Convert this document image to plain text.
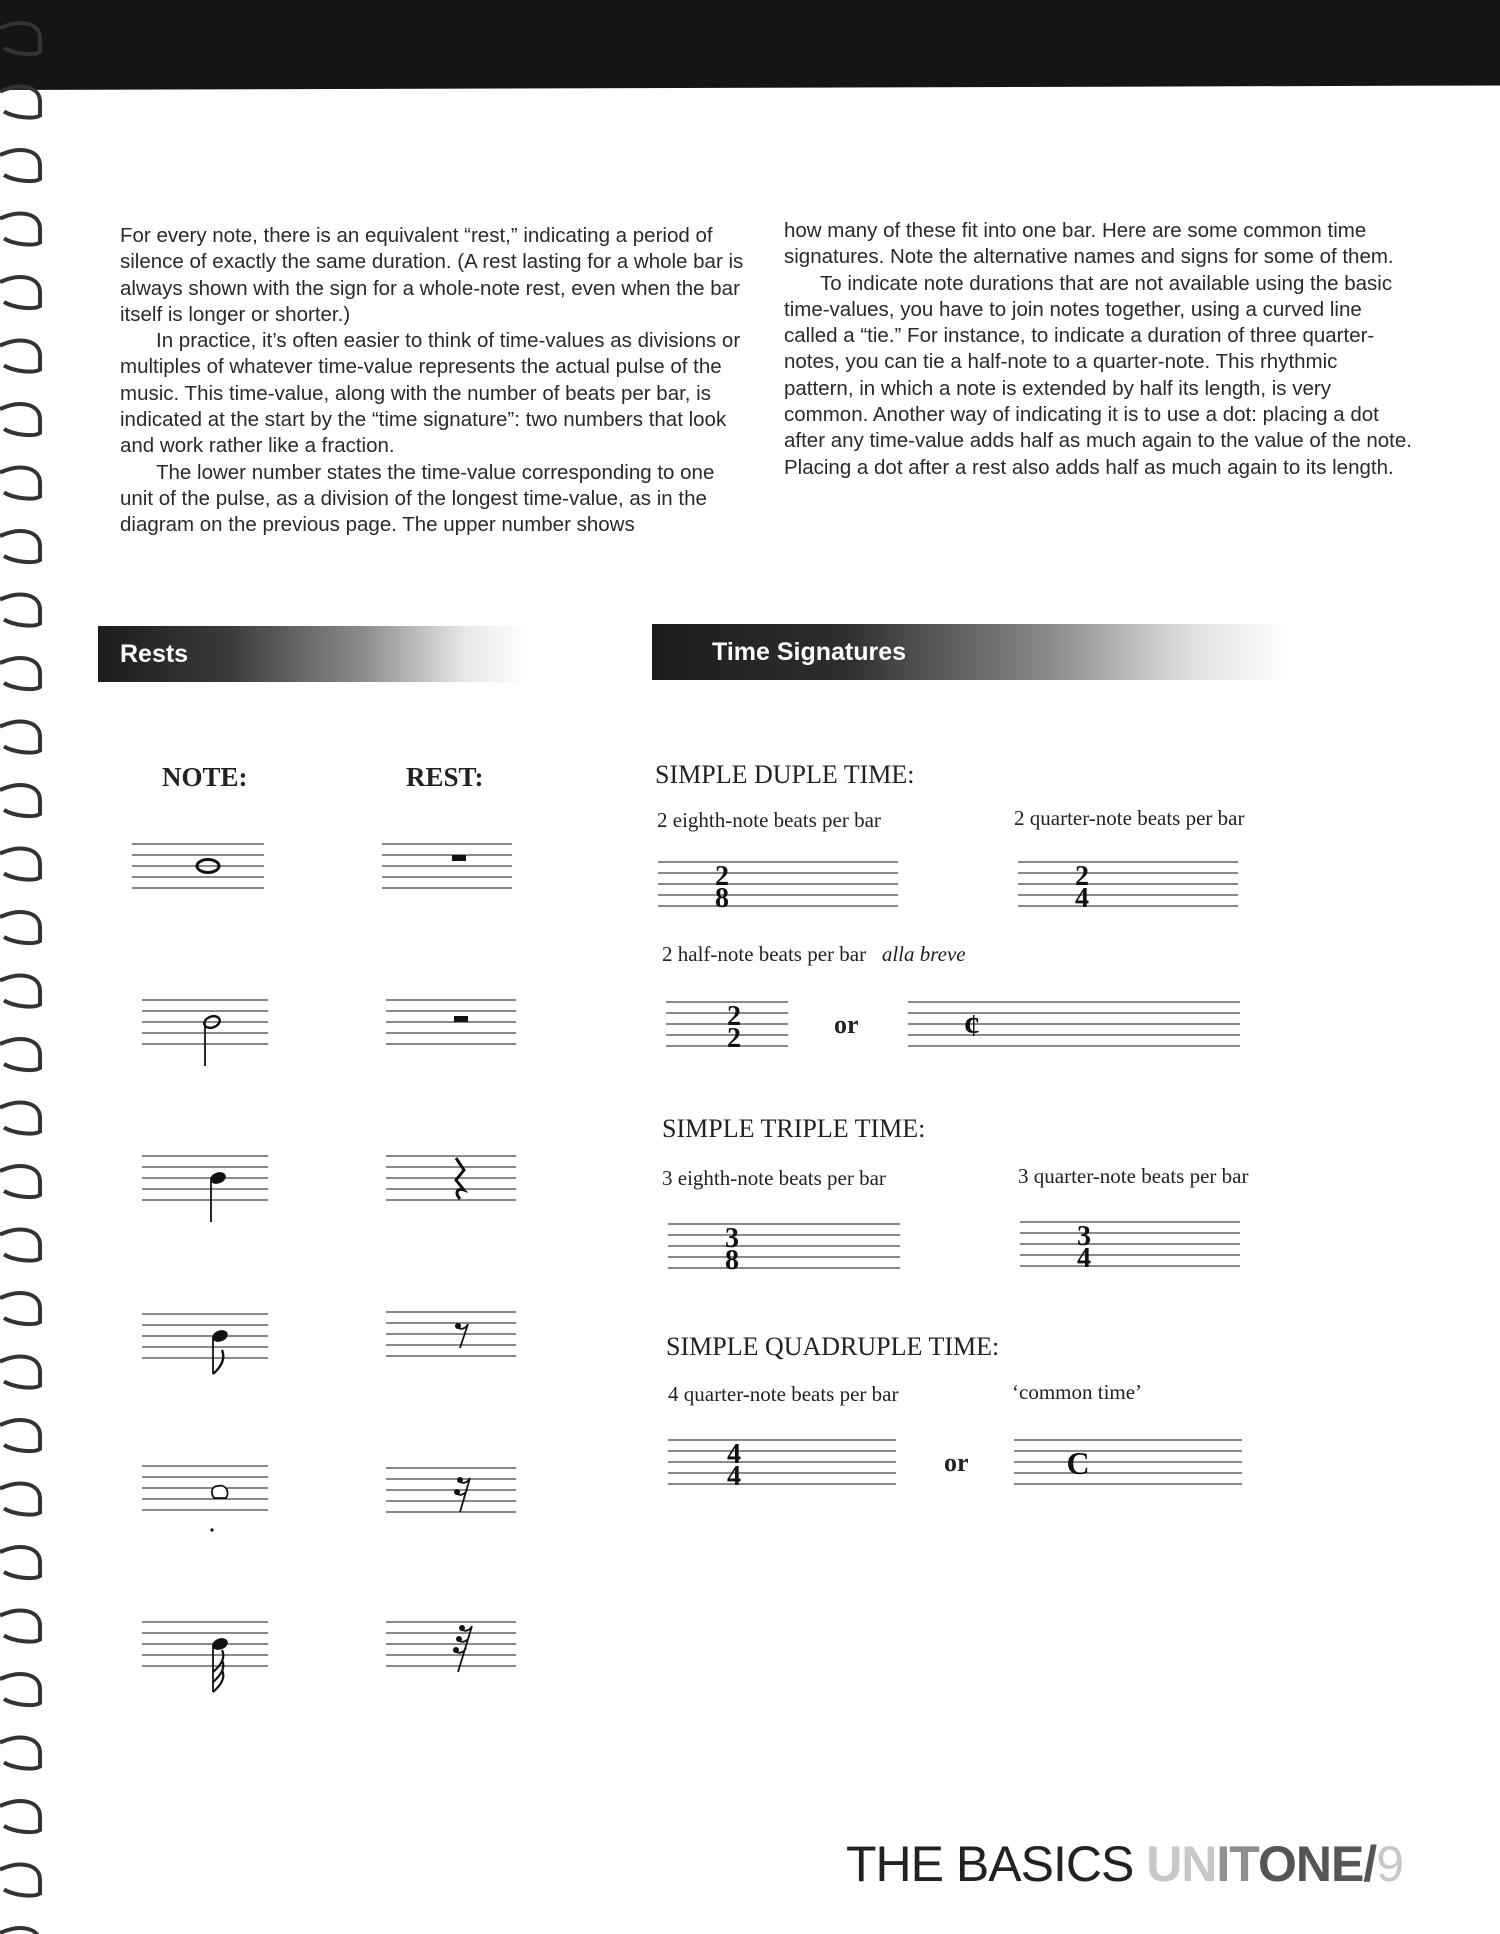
For every note, there is an equivalent “rest,” indicating a period of silence of exactly the same duration. (A rest lasting for a whole bar is always shown with the sign for a whole-note rest, even when the bar itself is longer or shorter.)

In practice, it’s often easier to think of time-values as divisions or multiples of whatever time-value represents the actual pulse of the music. This time-value, along with the number of beats per bar, is indicated at the start by the “time signature”: two numbers that look and work rather like a fraction.

The lower number states the time-value corresponding to one unit of the pulse, as a division of the longest time-value, as in the diagram on the previous page. The upper number shows

how many of these fit into one bar. Here are some common time signatures. Note the alternative names and signs for some of them.

To indicate note durations that are not available using the basic time-values, you have to join notes together, using a curved line called a “tie.” For instance, to indicate a duration of three quarter-notes, you can tie a half-note to a quarter-note. This rhythmic pattern, in which a note is extended by half its length, is very common. Another way of indicating it is to use a dot: placing a dot after any time-value adds half as much again to the value of the note. Placing a dot after a rest also adds half as much again to its length.

Rests	Time Signatures
NOTE:	REST:	SIMPLE DUPLE TIME:
2 eighth-note beats per bar	2 quarter-note beats per bar
2
8
2
4
2 half-note beats per bar alla breve
2
2	or	¢
SIMPLE TRIPLE TIME:
3 eighth-note beats per bar	3 quarter-note beats per bar
3
8
3
4
SIMPLE QUADRUPLE TIME:
4 quarter-note beats per bar	‘common time’
4
4	or	C
THE BASICS UNITONE/9
